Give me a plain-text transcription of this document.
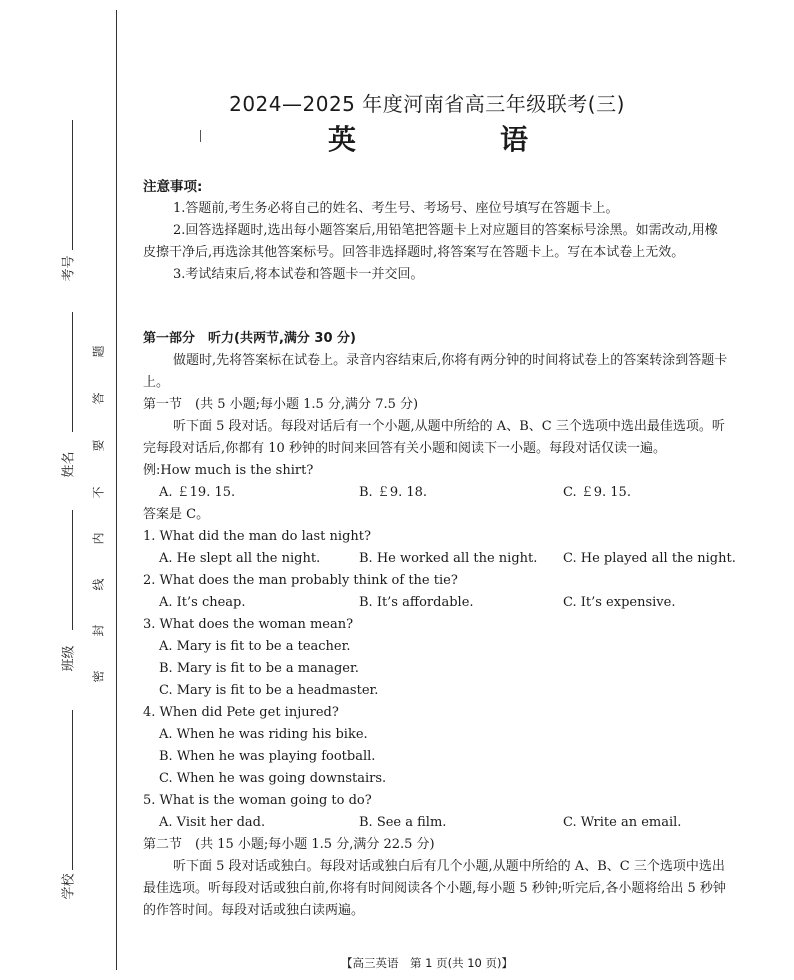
考号
姓名
班级
学校
题
答
要
不
内
线
封
密
2024—2025 年度河南省高三年级联考(三)
英　语

注意事项:

1.答题前,考生务必将自己的姓名、考生号、考场号、座位号填写在答题卡上。

2.回答选择题时,选出每小题答案后,用铅笔把答题卡上对应题目的答案标号涂黑。如需改动,用橡皮擦干净后,再选涂其他答案标号。回答非选择题时,将答案写在答题卡上。写在本试卷上无效。

3.考试结束后,将本试卷和答题卡一并交回。

第一部分　听力(共两节,满分 30 分)

做题时,先将答案标在试卷上。录音内容结束后,你将有两分钟的时间将试卷上的答案转涂到答题卡上。

第一节　(共 5 小题;每小题 1.5 分,满分 7.5 分)

听下面 5 段对话。每段对话后有一个小题,从题中所给的 A、B、C 三个选项中选出最佳选项。听完每段对话后,你都有 10 秒钟的时间来回答有关小题和阅读下一小题。每段对话仅读一遍。

例:How much is the shirt?

A. ￡19. 15.	B. ￡9. 18.	C. ￡9. 15.

答案是 C。

1. What did the man do last night?

A. He slept all the night.	B. He worked all the night. C. He played all the night.

2. What does the man probably think of the tie?

A. It’s cheap.	B. It’s affordable.	C. It’s expensive.

3. What does the woman mean?

A. Mary is fit to be a teacher.

B. Mary is fit to be a manager.

C. Mary is fit to be a headmaster.

4. When did Pete get injured?

A. When he was riding his bike.

B. When he was playing football.

C. When he was going downstairs.

5. What is the woman going to do?

A. Visit her dad.	B. See a film.	C. Write an email.

第二节　(共 15 小题;每小题 1.5 分,满分 22.5 分)

听下面 5 段对话或独白。每段对话或独白后有几个小题,从题中所给的 A、B、C 三个选项中选出最佳选项。听每段对话或独白前,你将有时间阅读各个小题,每小题 5 秒钟;听完后,各小题将给出 5 秒钟的作答时间。每段对话或独白读两遍。

【高三英语　第 1 页(共 10 页)】
